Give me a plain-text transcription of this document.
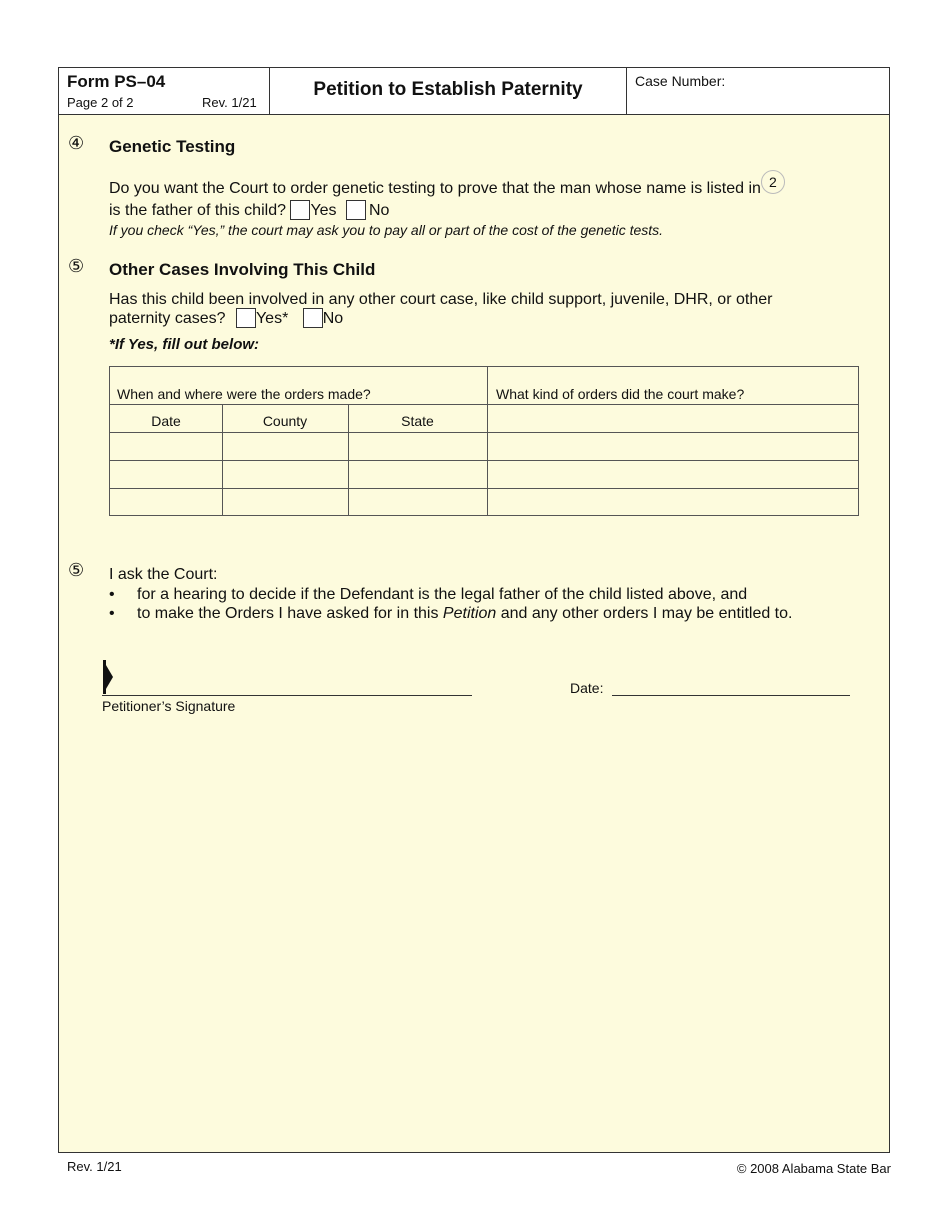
Form PS–04
Page 2 of 2	Rev. 1/21
Petition to Establish Paternity	Case Number:
④ Genetic Testing
Do you want the Court to order genetic testing to prove that the man whose name is listed in 2
is the father of this child? Yes No
If you check “Yes,” the court may ask you to pay all or part of the cost of the genetic tests.
⑤ Other Cases Involving This Child
Has this child been involved in any other court case, like child support, juvenile, DHR, or other
paternity cases? Yes* No
*If Yes, fill out below:
When and where were the orders made?	What kind of orders did the court make?
Date	County	State
⑤ I ask the Court:
• for a hearing to decide if the Defendant is the legal father of the child listed above, and
• to make the Orders I have asked for in this Petition and any other orders I may be entitled to.
Petitioner’s Signature
Date:
Rev. 1/21	© 2008 Alabama State Bar
